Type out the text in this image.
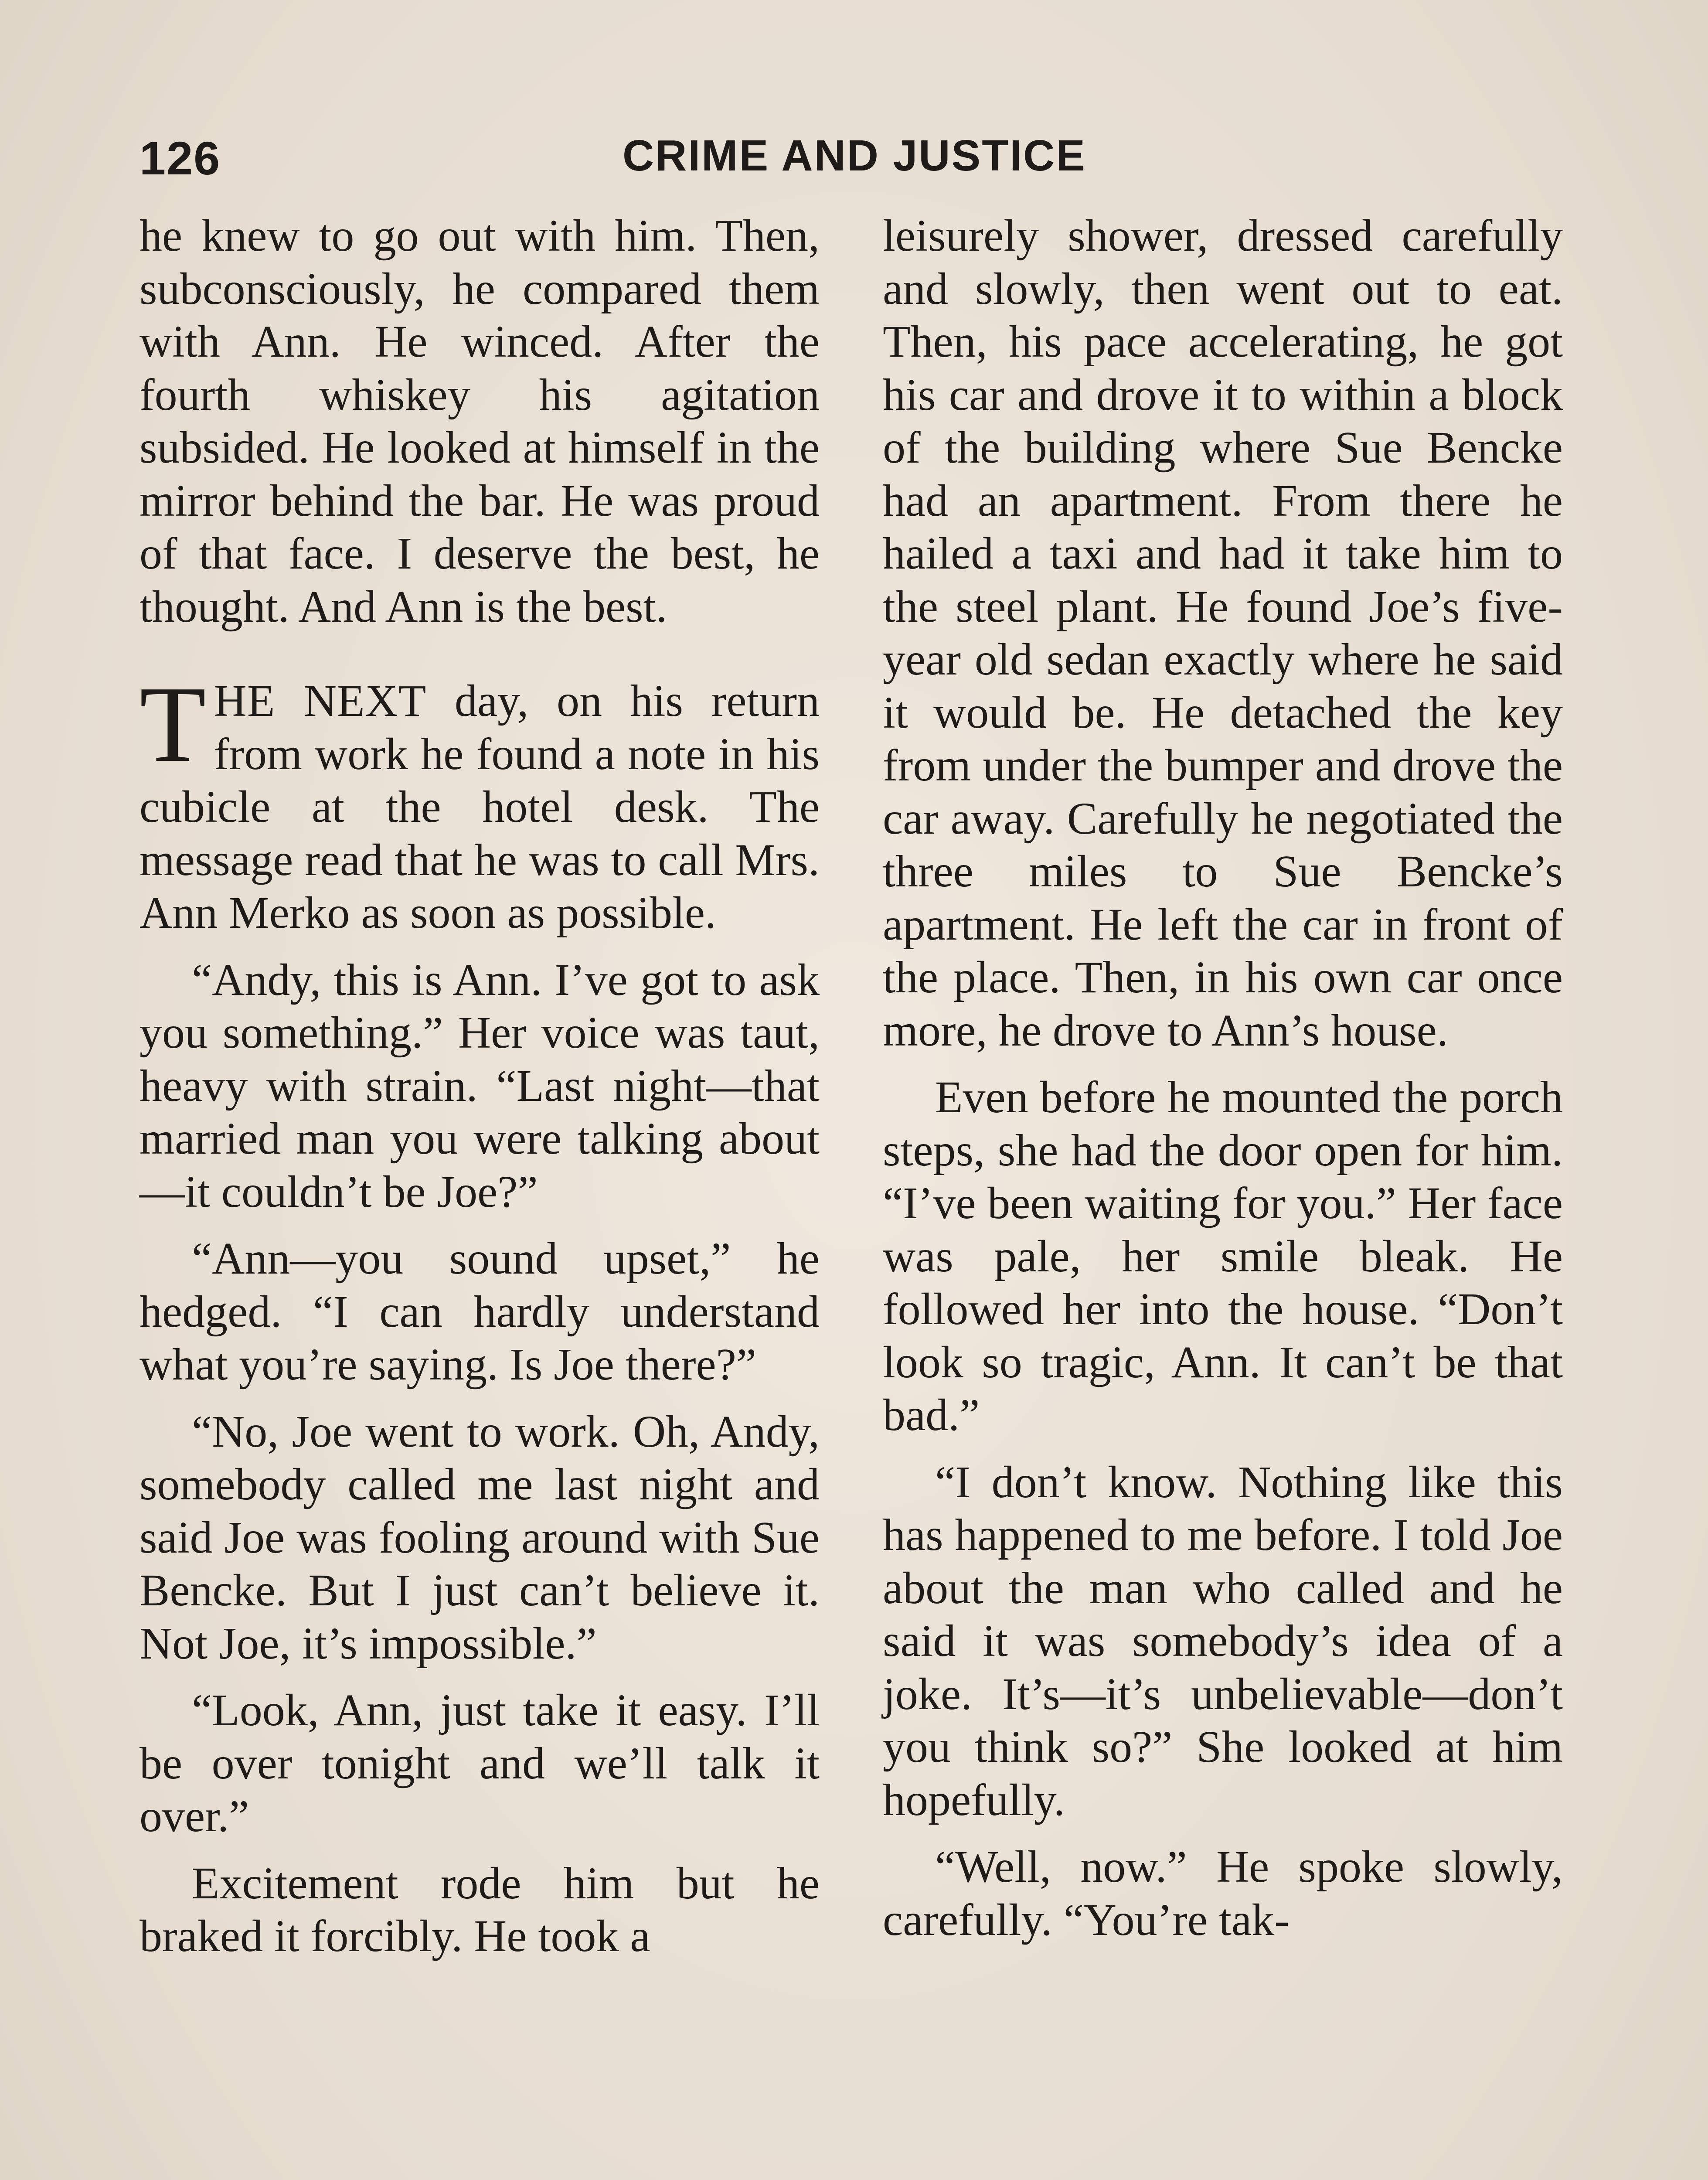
126	CRIME AND JUSTICE

he knew to go out with him. Then, subconsciously, he compared them with Ann. He winced. After the fourth whiskey his agitation subsided. He looked at himself in the mirror behind the bar. He was proud of that face. I deserve the best, he thought. And Ann is the best.

THE NEXT day, on his return from work he found a note in his cubicle at the hotel desk. The message read that he was to call Mrs. Ann Merko as soon as possible.

“Andy, this is Ann. I’ve got to ask you something.” Her voice was taut, heavy with strain. “Last night—that married man you were talking about—it couldn’t be Joe?”

“Ann—you sound upset,” he hedged. “I can hardly understand what you’re saying. Is Joe there?”

“No, Joe went to work. Oh, Andy, somebody called me last night and said Joe was fooling around with Sue Bencke. But I just can’t believe it. Not Joe, it’s impossible.”

“Look, Ann, just take it easy. I’ll be over tonight and we’ll talk it over.”

Excitement rode him but he braked it forcibly. He took a

leisurely shower, dressed carefully and slowly, then went out to eat. Then, his pace accelerating, he got his car and drove it to within a block of the building where Sue Bencke had an apartment. From there he hailed a taxi and had it take him to the steel plant. He found Joe’s five-year old sedan exactly where he said it would be. He detached the key from under the bumper and drove the car away. Carefully he negotiated the three miles to Sue Bencke’s apartment. He left the car in front of the place. Then, in his own car once more, he drove to Ann’s house.

Even before he mounted the porch steps, she had the door open for him. “I’ve been waiting for you.” Her face was pale, her smile bleak. He followed her into the house. “Don’t look so tragic, Ann. It can’t be that bad.”

“I don’t know. Nothing like this has happened to me before. I told Joe about the man who called and he said it was somebody’s idea of a joke. It’s—it’s unbelievable—don’t you think so?” She looked at him hopefully.

“Well, now.” He spoke slowly, carefully. “You’re tak-
